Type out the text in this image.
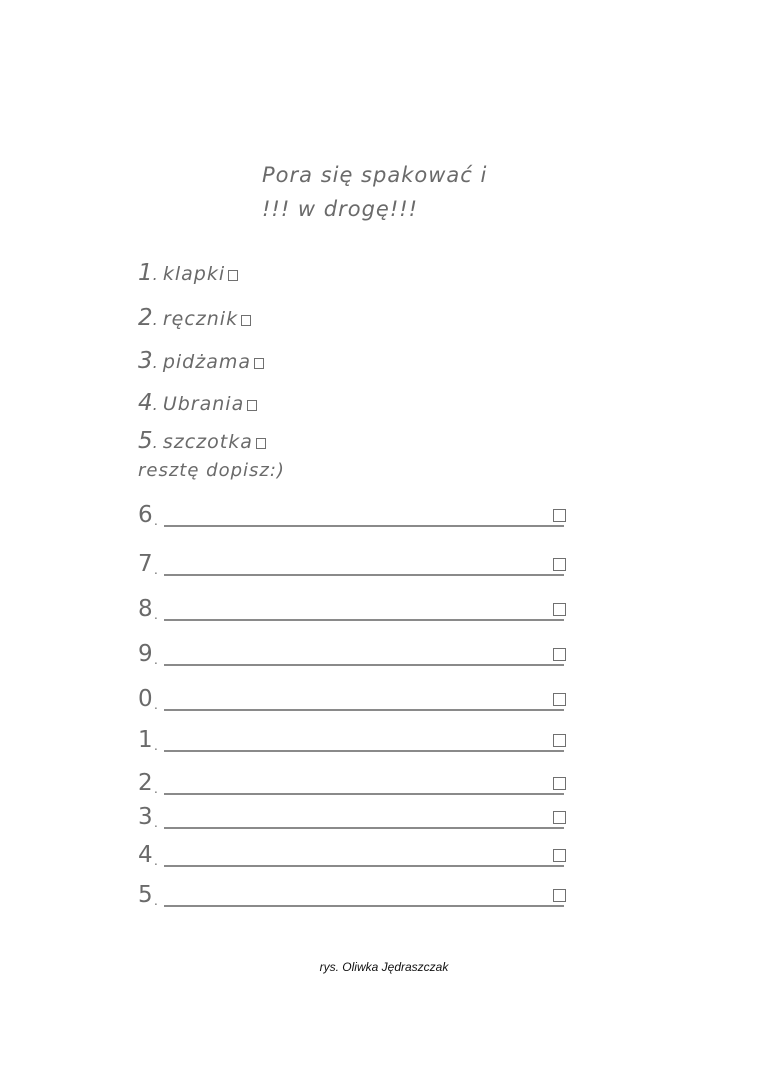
Pora się spakować i
!!! w drogę!!!
1. klapki
2. ręcznik
3. pidżama
4. Ubrania
5. szczotka
resztę dopisz:)
6 .
7 .
8 .
9 .
0 .
1 .
2 .
3 .
4 .
5 .
rys. Oliwka Jędraszczak
